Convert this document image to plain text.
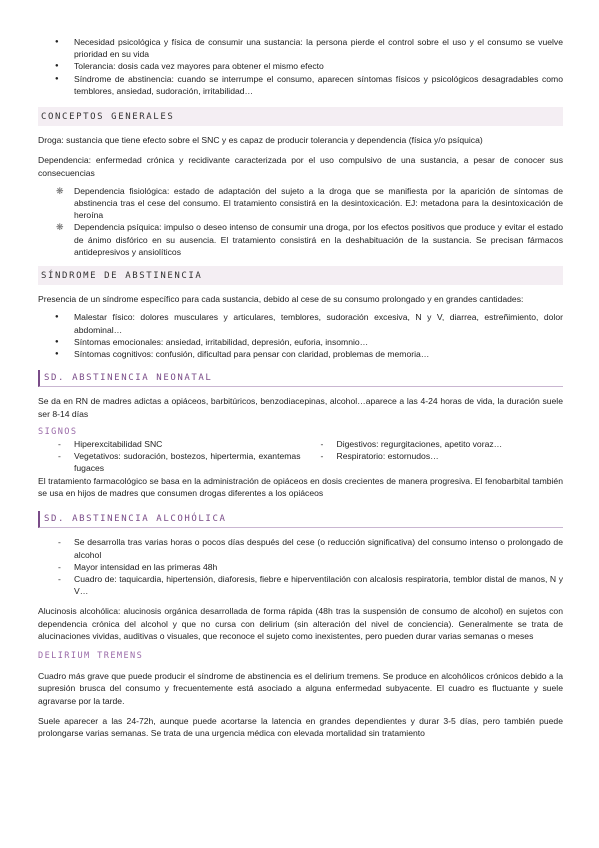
● Necesidad psicológica y física de consumir una sustancia: la persona pierde el control sobre el uso y el consumo se vuelve prioridad en su vida
● Tolerancia: dosis cada vez mayores para obtener el mismo efecto
● Síndrome de abstinencia: cuando se interrumpe el consumo, aparecen síntomas físicos y psicológicos desagradables como temblores, ansiedad, sudoración, irritabilidad…
CONCEPTOS GENERALES

Droga: sustancia que tiene efecto sobre el SNC y es capaz de producir tolerancia y dependencia (física y/o psíquica)

Dependencia: enfermedad crónica y recidivante caracterizada por el uso compulsivo de una sustancia, a pesar de conocer sus consecuencias

❋ Dependencia fisiológica: estado de adaptación del sujeto a la droga que se manifiesta por la aparición de síntomas de abstinencia tras el cese del consumo. El tratamiento consistirá en la desintoxicación. EJ: metadona para la desintoxicación de heroína
❋ Dependencia psíquica: impulso o deseo intenso de consumir una droga, por los efectos positivos que produce y evitar el estado de ánimo disfórico en su ausencia. El tratamiento consistirá en la deshabituación de la sustancia. Se precisan fármacos antidepresivos y ansiolíticos
SÍNDROME DE ABSTINENCIA

Presencia de un síndrome específico para cada sustancia, debido al cese de su consumo prolongado y en grandes cantidades:

● Malestar físico: dolores musculares y articulares, temblores, sudoración excesiva, N y V, diarrea, estreñimiento, dolor abdominal…
● Síntomas emocionales: ansiedad, irritabilidad, depresión, euforia, insomnio…
● Síntomas cognitivos: confusión, dificultad para pensar con claridad, problemas de memoria…
SD. ABSTINENCIA NEONATAL

Se da en RN de madres adictas a opiáceos, barbitúricos, benzodiacepinas, alcohol…aparece a las 4-24 horas de vida, la duración suele ser 8-14 días

SIGNOS
- Hiperexcitabilidad SNC
- Vegetativos: sudoración, bostezos, hipertermia, exantemas fugaces
- Digestivos: regurgitaciones, apetito voraz…
- Respiratorio: estornudos…

El tratamiento farmacológico se basa en la administración de opiáceos en dosis crecientes de manera progresiva. El fenobarbital también se usa en hijos de madres que consumen drogas diferentes a los opiáceos

SD. ABSTINENCIA ALCOHÓLICA
- Se desarrolla tras varias horas o pocos días después del cese (o reducción significativa) del consumo intenso o prolongado de alcohol
- Mayor intensidad en las primeras 48h
- Cuadro de: taquicardia, hipertensión, diaforesis, fiebre e hiperventilación con alcalosis respiratoria, temblor distal de manos, N y V…

Alucinosis alcohólica: alucinosis orgánica desarrollada de forma rápida (48h tras la suspensión de consumo de alcohol) en sujetos con dependencia crónica del alcohol y que no cursa con delirium (sin alteración del nivel de conciencia). Generalmente se trata de alucinaciones vividas, auditivas o visuales, que reconoce el sujeto como inexistentes, pero pueden durar varias semanas o meses

DELIRIUM TREMENS

Cuadro más grave que puede producir el síndrome de abstinencia es el delirium tremens. Se produce en alcohólicos crónicos debido a la supresión brusca del consumo y frecuentemente está asociado a alguna enfermedad subyacente. El cuadro es fluctuante y suele agravarse por la tarde.

Suele aparecer a las 24-72h, aunque puede acortarse la latencia en grandes dependientes y durar 3-5 días, pero también puede prolongarse varias semanas. Se trata de una urgencia médica con elevada mortalidad sin tratamiento
